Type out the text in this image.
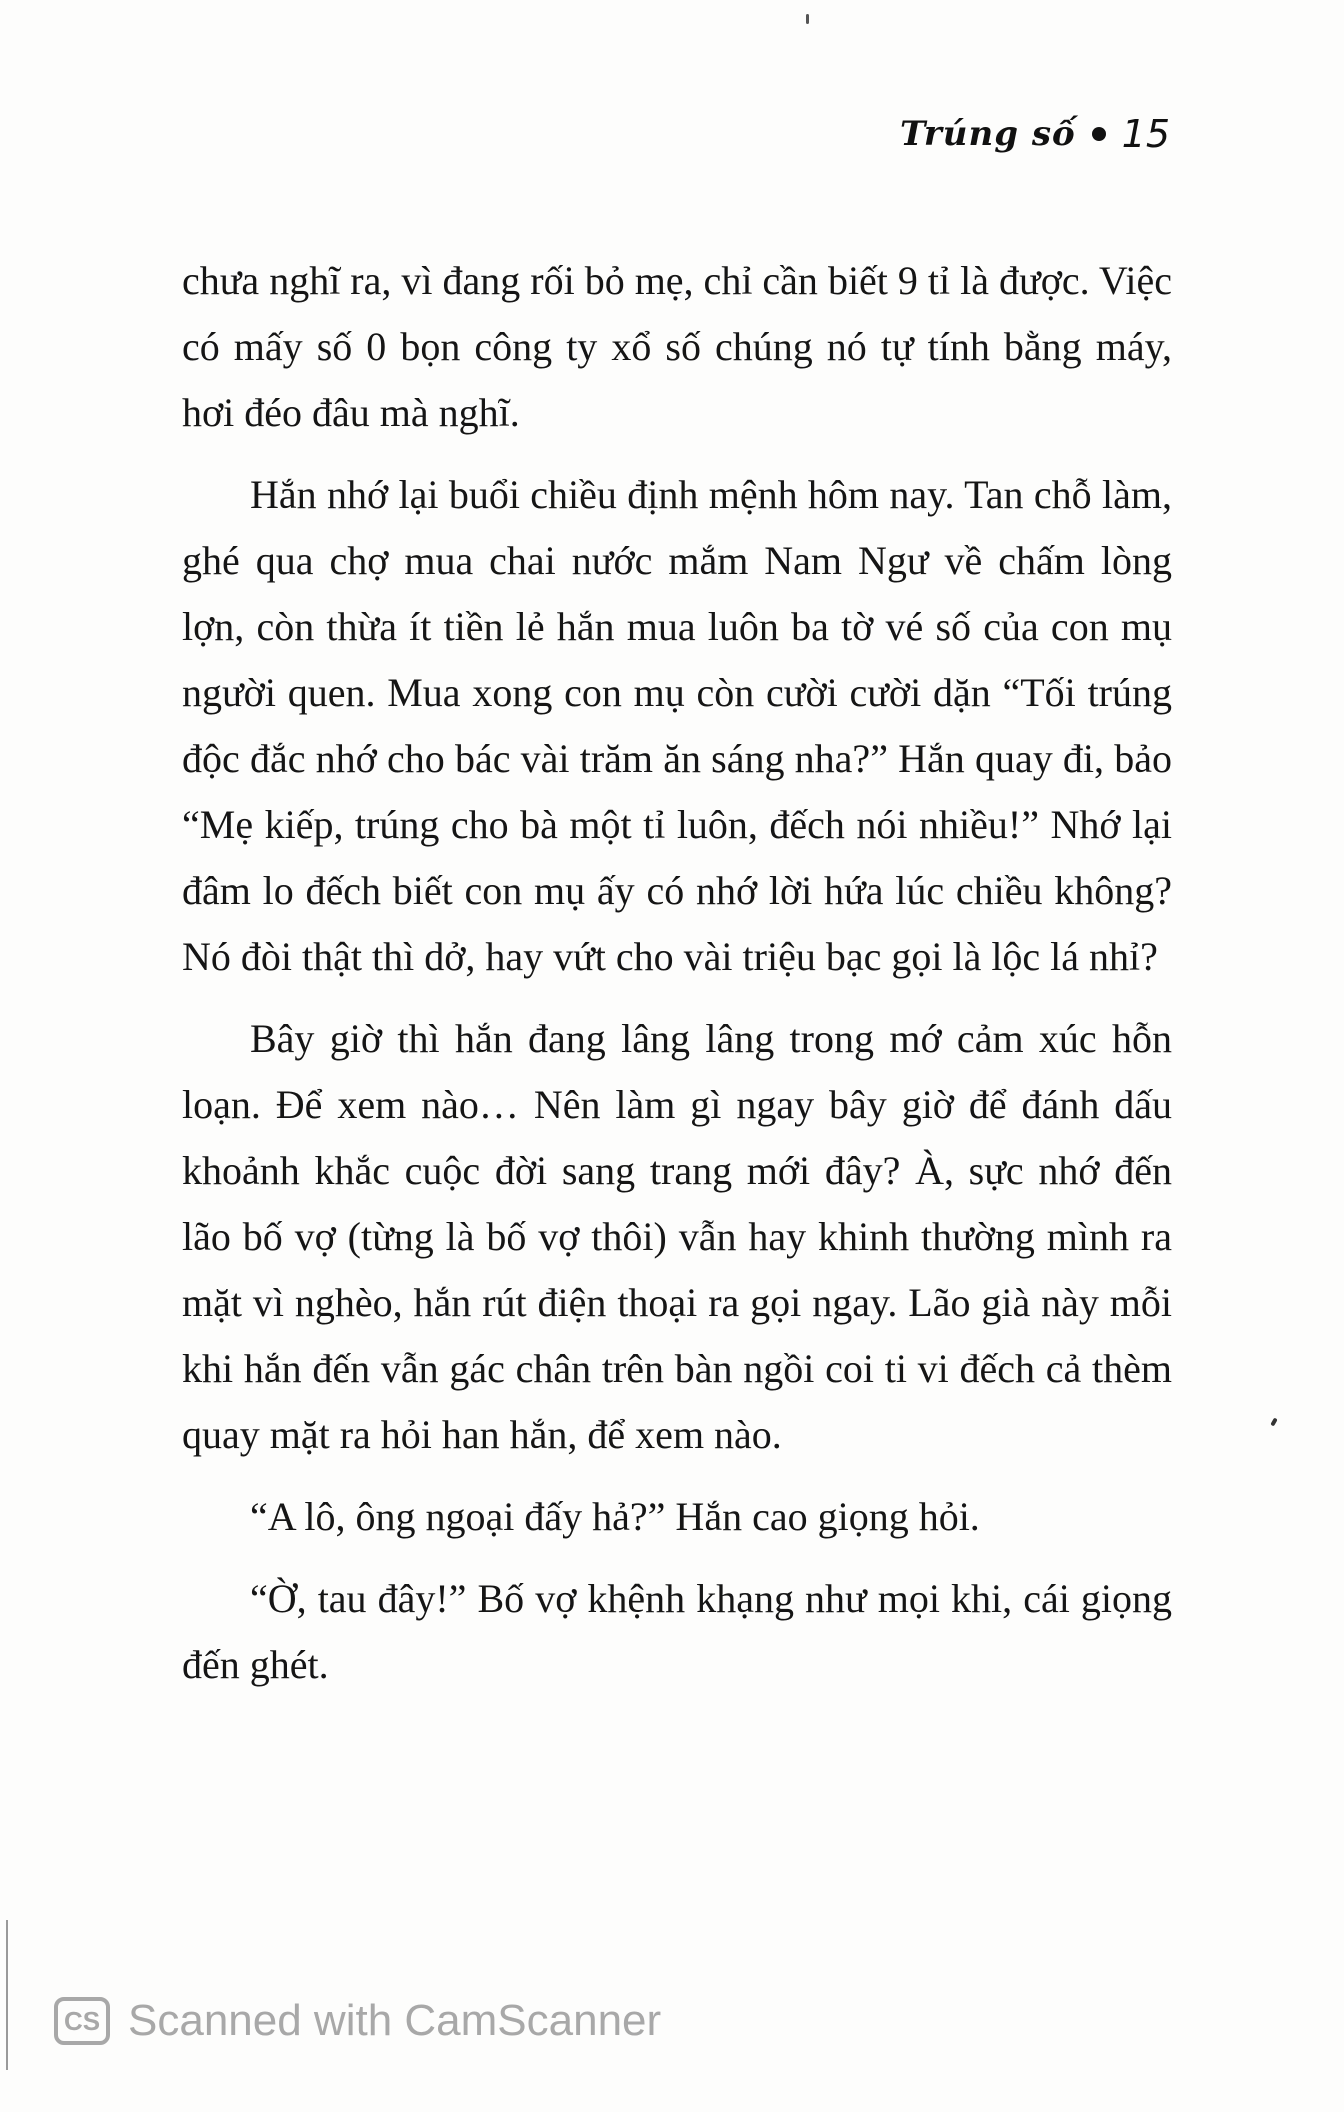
Trúng số 15

chưa nghĩ ra, vì đang rối bỏ mẹ, chỉ cần biết 9 tỉ là được. Việc có mấy số 0 bọn công ty xổ số chúng nó tự tính bằng máy, hơi đéo đâu mà nghĩ.

Hắn nhớ lại buổi chiều định mệnh hôm nay. Tan chỗ làm, ghé qua chợ mua chai nước mắm Nam Ngư về chấm lòng lợn, còn thừa ít tiền lẻ hắn mua luôn ba tờ vé số của con mụ người quen. Mua xong con mụ còn cười cười dặn “Tối trúng độc đắc nhớ cho bác vài trăm ăn sáng nha?” Hắn quay đi, bảo “Mẹ kiếp, trúng cho bà một tỉ luôn, đếch nói nhiều!” Nhớ lại đâm lo đếch biết con mụ ấy có nhớ lời hứa lúc chiều không? Nó đòi thật thì dở, hay vứt cho vài triệu bạc gọi là lộc lá nhỉ?

Bây giờ thì hắn đang lâng lâng trong mớ cảm xúc hỗn loạn. Để xem nào… Nên làm gì ngay bây giờ để đánh dấu khoảnh khắc cuộc đời sang trang mới đây? À, sực nhớ đến lão bố vợ (từng là bố vợ thôi) vẫn hay khinh thường mình ra mặt vì nghèo, hắn rút điện thoại ra gọi ngay. Lão già này mỗi khi hắn đến vẫn gác chân trên bàn ngồi coi ti vi đếch cả thèm quay mặt ra hỏi han hắn, để xem nào.

“A lô, ông ngoại đấy hả?” Hắn cao giọng hỏi.

“Ờ, tau đây!” Bố vợ khệnh khạng như mọi khi, cái giọng đến ghét.

CS Scanned with CamScanner
